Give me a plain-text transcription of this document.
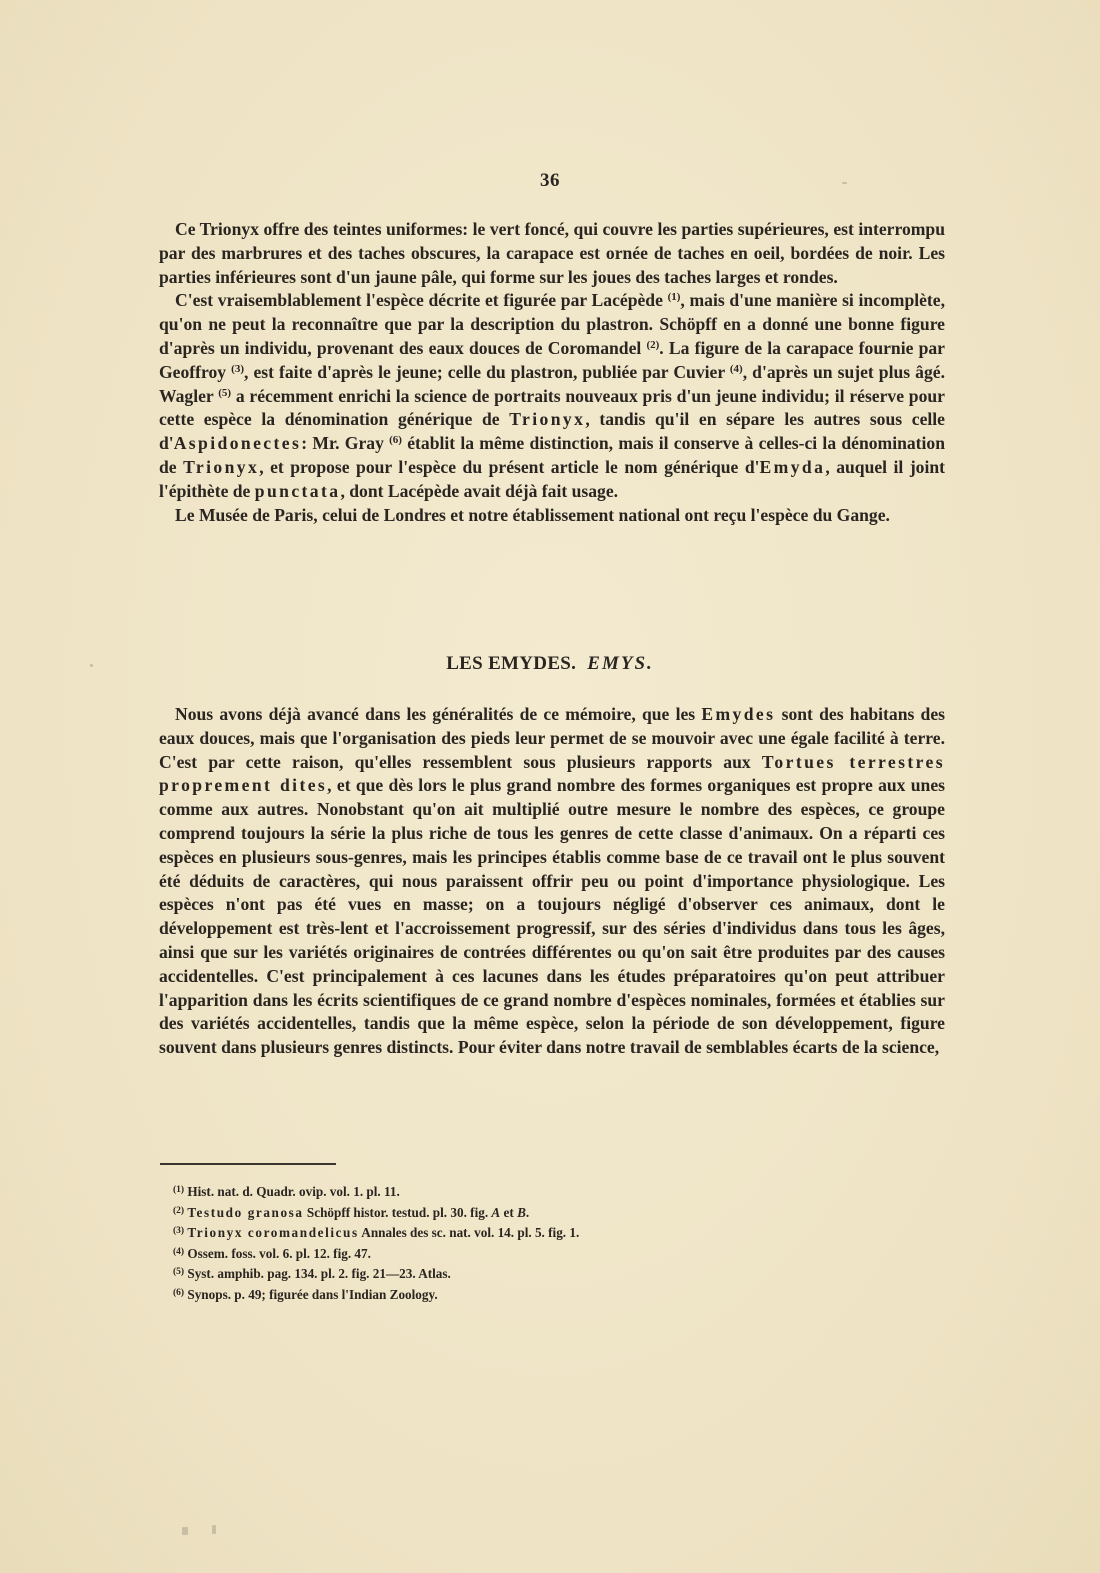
36

Ce Trionyx offre des teintes uniformes: le vert foncé, qui couvre les parties supérieures, est interrompu par des marbrures et des taches obscures, la carapace est ornée de taches en oeil, bordées de noir. Les parties inférieures sont d'un jaune pâle, qui forme sur les joues des taches larges et rondes.

C'est vraisemblablement l'espèce décrite et figurée par Lacépède $^{(1)}$, mais d'une manière si incomplète, qu'on ne peut la reconnaître que par la description du plastron. Schöpff en a donné une bonne figure d'après un individu, provenant des eaux douces de Coromandel $^{(2)}$. La figure de la carapace fournie par Geoffroy $^{(3)}$, est faite d'après le jeune; celle du plastron, publiée par Cuvier $^{(4)}$, d'après un sujet plus âgé. Wagler $^{(5)}$ a récemment enrichi la science de portraits nouveaux pris d'un jeune individu; il réserve pour cette espèce la dénomination générique de Trionyx, tandis qu'il en sépare les autres sous celle d'Aspidonectes: Mr. Gray $^{(6)}$ établit la même distinction, mais il conserve à celles-ci la dénomination de Trionyx, et propose pour l'espèce du présent article le nom générique d'Emyda, auquel il joint l'épithète de punctata, dont Lacépède avait déjà fait usage.

Le Musée de Paris, celui de Londres et notre établissement national ont reçu l'espèce du Gange.

LES EMYDES. EMYS.

Nous avons déjà avancé dans les généralités de ce mémoire, que les Emydes sont des habitans des eaux douces, mais que l'organisation des pieds leur permet de se mouvoir avec une égale facilité à terre. C'est par cette raison, qu'elles ressemblent sous plusieurs rapports aux Tortues terrestres proprement dites, et que dès lors le plus grand nombre des formes organiques est propre aux unes comme aux autres. Nonobstant qu'on ait multiplié outre mesure le nombre des espèces, ce groupe comprend toujours la série la plus riche de tous les genres de cette classe d'animaux. On a réparti ces espèces en plusieurs sous-genres, mais les principes établis comme base de ce travail ont le plus souvent été déduits de caractères, qui nous paraissent offrir peu ou point d'importance physiologique. Les espèces n'ont pas été vues en masse; on a toujours négligé d'observer ces animaux, dont le développement est très-lent et l'accroissement progressif, sur des séries d'individus dans tous les âges, ainsi que sur les variétés originaires de contrées différentes ou qu'on sait être produites par des causes accidentelles. C'est principalement à ces lacunes dans les études préparatoires qu'on peut attribuer l'apparition dans les écrits scientifiques de ce grand nombre d'espèces nominales, formées et établies sur des variétés accidentelles, tandis que la même espèce, selon la période de son développement, figure souvent dans plusieurs genres distincts. Pour éviter dans notre travail de semblables écarts de la science,

$^{(1)}$ Hist. nat. d. Quadr. ovip. vol. 1. pl. 11.
$^{(2)}$ Testudo granosa Schöpff histor. testud. pl. 30. fig. A et B.
$^{(3)}$ Trionyx coromandelicus Annales des sc. nat. vol. 14. pl. 5. fig. 1.
$^{(4)}$ Ossem. foss. vol. 6. pl. 12. fig. 47.
$^{(5)}$ Syst. amphib. pag. 134. pl. 2. fig. 21—23. Atlas.
$^{(6)}$ Synops. p. 49; figurée dans l'Indian Zoology.
